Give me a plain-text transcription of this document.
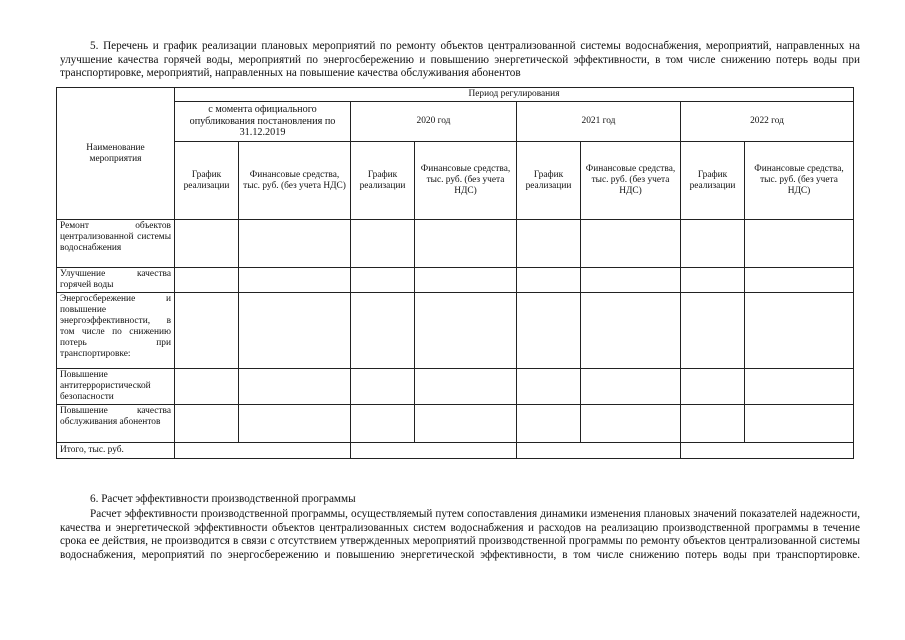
5. Перечень и график реализации плановых мероприятий по ремонту объектов централизованной системы водоснабжения, мероприятий, направленных на улучшение качества горячей воды, мероприятий по энергосбережению и повышению энергетической эффективности, в том числе снижению потерь воды при транспортировке, мероприятий, направленных на повышение качества обслуживания абонентов

Наименование мероприятия	Период регулирования							
	с момента официального опубликования постановления по 31.12.2019		2020 год		2021 год		2022 год	
	График реализации	Финансовые средства, тыс. руб. (без учета НДС)	График реализации	Финансовые средства, тыс. руб. (без учета НДС)	График реализации	Финансовые средства, тыс. руб. (без учета НДС)	График реализации	Финансовые средства, тыс. руб. (без учета НДС)
Ремонт объектов централизованной системы водоснабжения								
Улучшение качества горячей воды								
Энергосбережение и повышение энергоэффективности, в том числе по снижению потерь при транспортировке:								
Повышение антитеррористической безопасности								
Повышение качества обслуживания абонентов								
Итого, тыс. руб.								

6. Расчет эффективности производственной программы

Расчет эффективности производственной программы, осуществляемый путем сопоставления динамики изменения плановых значений показателей надежности, качества и энергетической эффективности объектов централизованных систем водоснабжения и расходов на реализацию производственной программы в течение срока ее действия, не производится в связи с отсутствием утвержденных мероприятий производственной программы по ремонту объектов централизованной системы водоснабжения, мероприятий по энергосбережению и повышению энергетической эффективности, в том числе снижению потерь воды при транспортировке.
